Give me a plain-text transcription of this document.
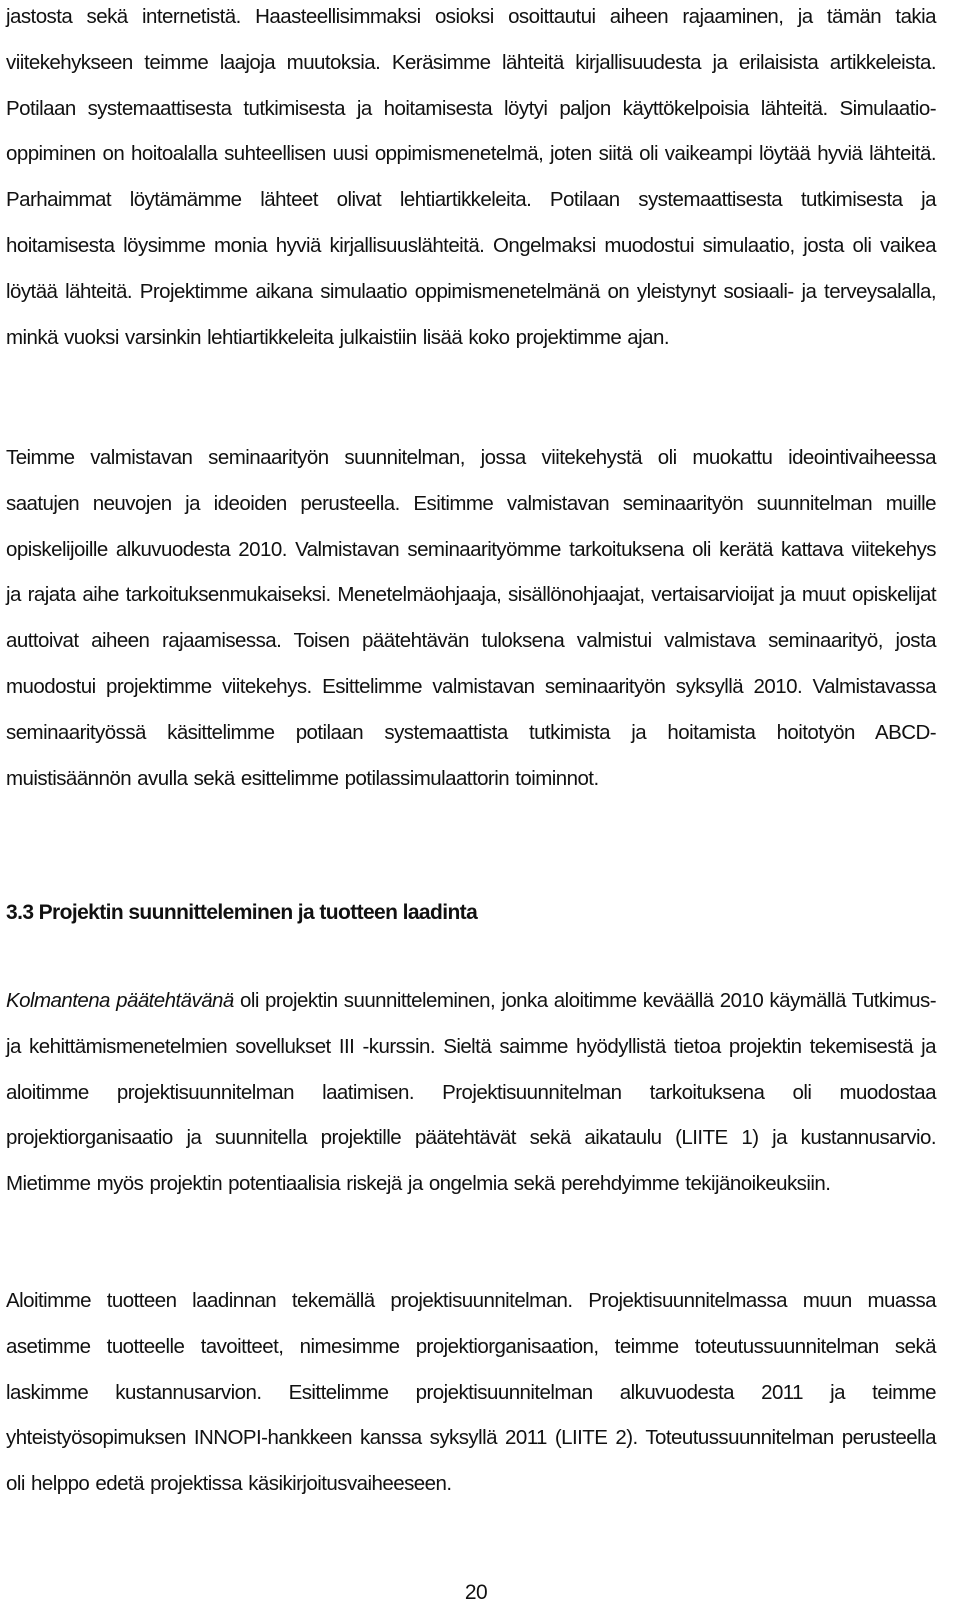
jastosta sekä internetistä. Haasteellisimmaksi osioksi osoittautui aiheen rajaaminen, ja tämän takia viitekehykseen teimme laajoja muutoksia. Keräsimme lähteitä kirjallisuudesta ja erilaisista artikkeleista. Potilaan systemaattisesta tutkimisesta ja hoitamisesta löytyi paljon käyttökelpoisia lähteitä. Simulaatio-oppiminen on hoitoalalla suhteellisen uusi oppimismenetelmä, joten siitä oli vaikeampi löytää hyviä lähteitä. Parhaimmat löytämämme lähteet olivat lehtiartikkeleita. Potilaan systemaattisesta tutkimisesta ja hoitamisesta löysimme monia hyviä kirjallisuuslähteitä. Ongelmaksi muodostui simulaatio, josta oli vaikea löytää lähteitä. Projektimme aikana simulaatio oppimismenetelmänä on yleistynyt sosiaali- ja terveysalalla, minkä vuoksi varsinkin lehtiartikkeleita julkaistiin lisää koko projektimme ajan.

Teimme valmistavan seminaarityön suunnitelman, jossa viitekehystä oli muokattu ideointivaiheessa saatujen neuvojen ja ideoiden perusteella. Esitimme valmistavan seminaarityön suunnitelman muille opiskelijoille alkuvuodesta 2010. Valmistavan seminaarityömme tarkoituksena oli kerätä kattava viitekehys ja rajata aihe tarkoituksenmukaiseksi. Menetelmäohjaaja, sisällönohjaajat, vertaisarvioijat ja muut opiskelijat auttoivat aiheen rajaamisessa. Toisen päätehtävän tuloksena valmistui valmistava seminaarityö, josta muodostui projektimme viitekehys. Esittelimme valmistavan seminaarityön syksyllä 2010. Valmistavassa seminaarityössä käsittelimme potilaan systemaattista tutkimista ja hoitamista hoitotyön ABCD-muistisäännön avulla sekä esittelimme potilassimulaattorin toiminnot.

3.3 Projektin suunnitteleminen ja tuotteen laadinta

Kolmantena päätehtävänä oli projektin suunnitteleminen, jonka aloitimme keväällä 2010 käymällä Tutkimus- ja kehittämismenetelmien sovellukset III -kurssin. Sieltä saimme hyödyllistä tietoa projektin tekemisestä ja aloitimme projektisuunnitelman laatimisen. Projektisuunnitelman tarkoituksena oli muodostaa projektiorganisaatio ja suunnitella projektille päätehtävät sekä aikataulu (LIITE 1) ja kustannusarvio. Mietimme myös projektin potentiaalisia riskejä ja ongelmia sekä perehdyimme tekijänoikeuksiin.

Aloitimme tuotteen laadinnan tekemällä projektisuunnitelman. Projektisuunnitelmassa muun muassa asetimme tuotteelle tavoitteet, nimesimme projektiorganisaation, teimme toteutussuunnitelman sekä laskimme kustannusarvion. Esittelimme projektisuunnitelman alkuvuodesta 2011 ja teimme yhteistyösopimuksen INNOPI-hankkeen kanssa syksyllä 2011 (LIITE 2). Toteutussuunnitelman perusteella oli helppo edetä projektissa käsikirjoitusvaiheeseen.

20
